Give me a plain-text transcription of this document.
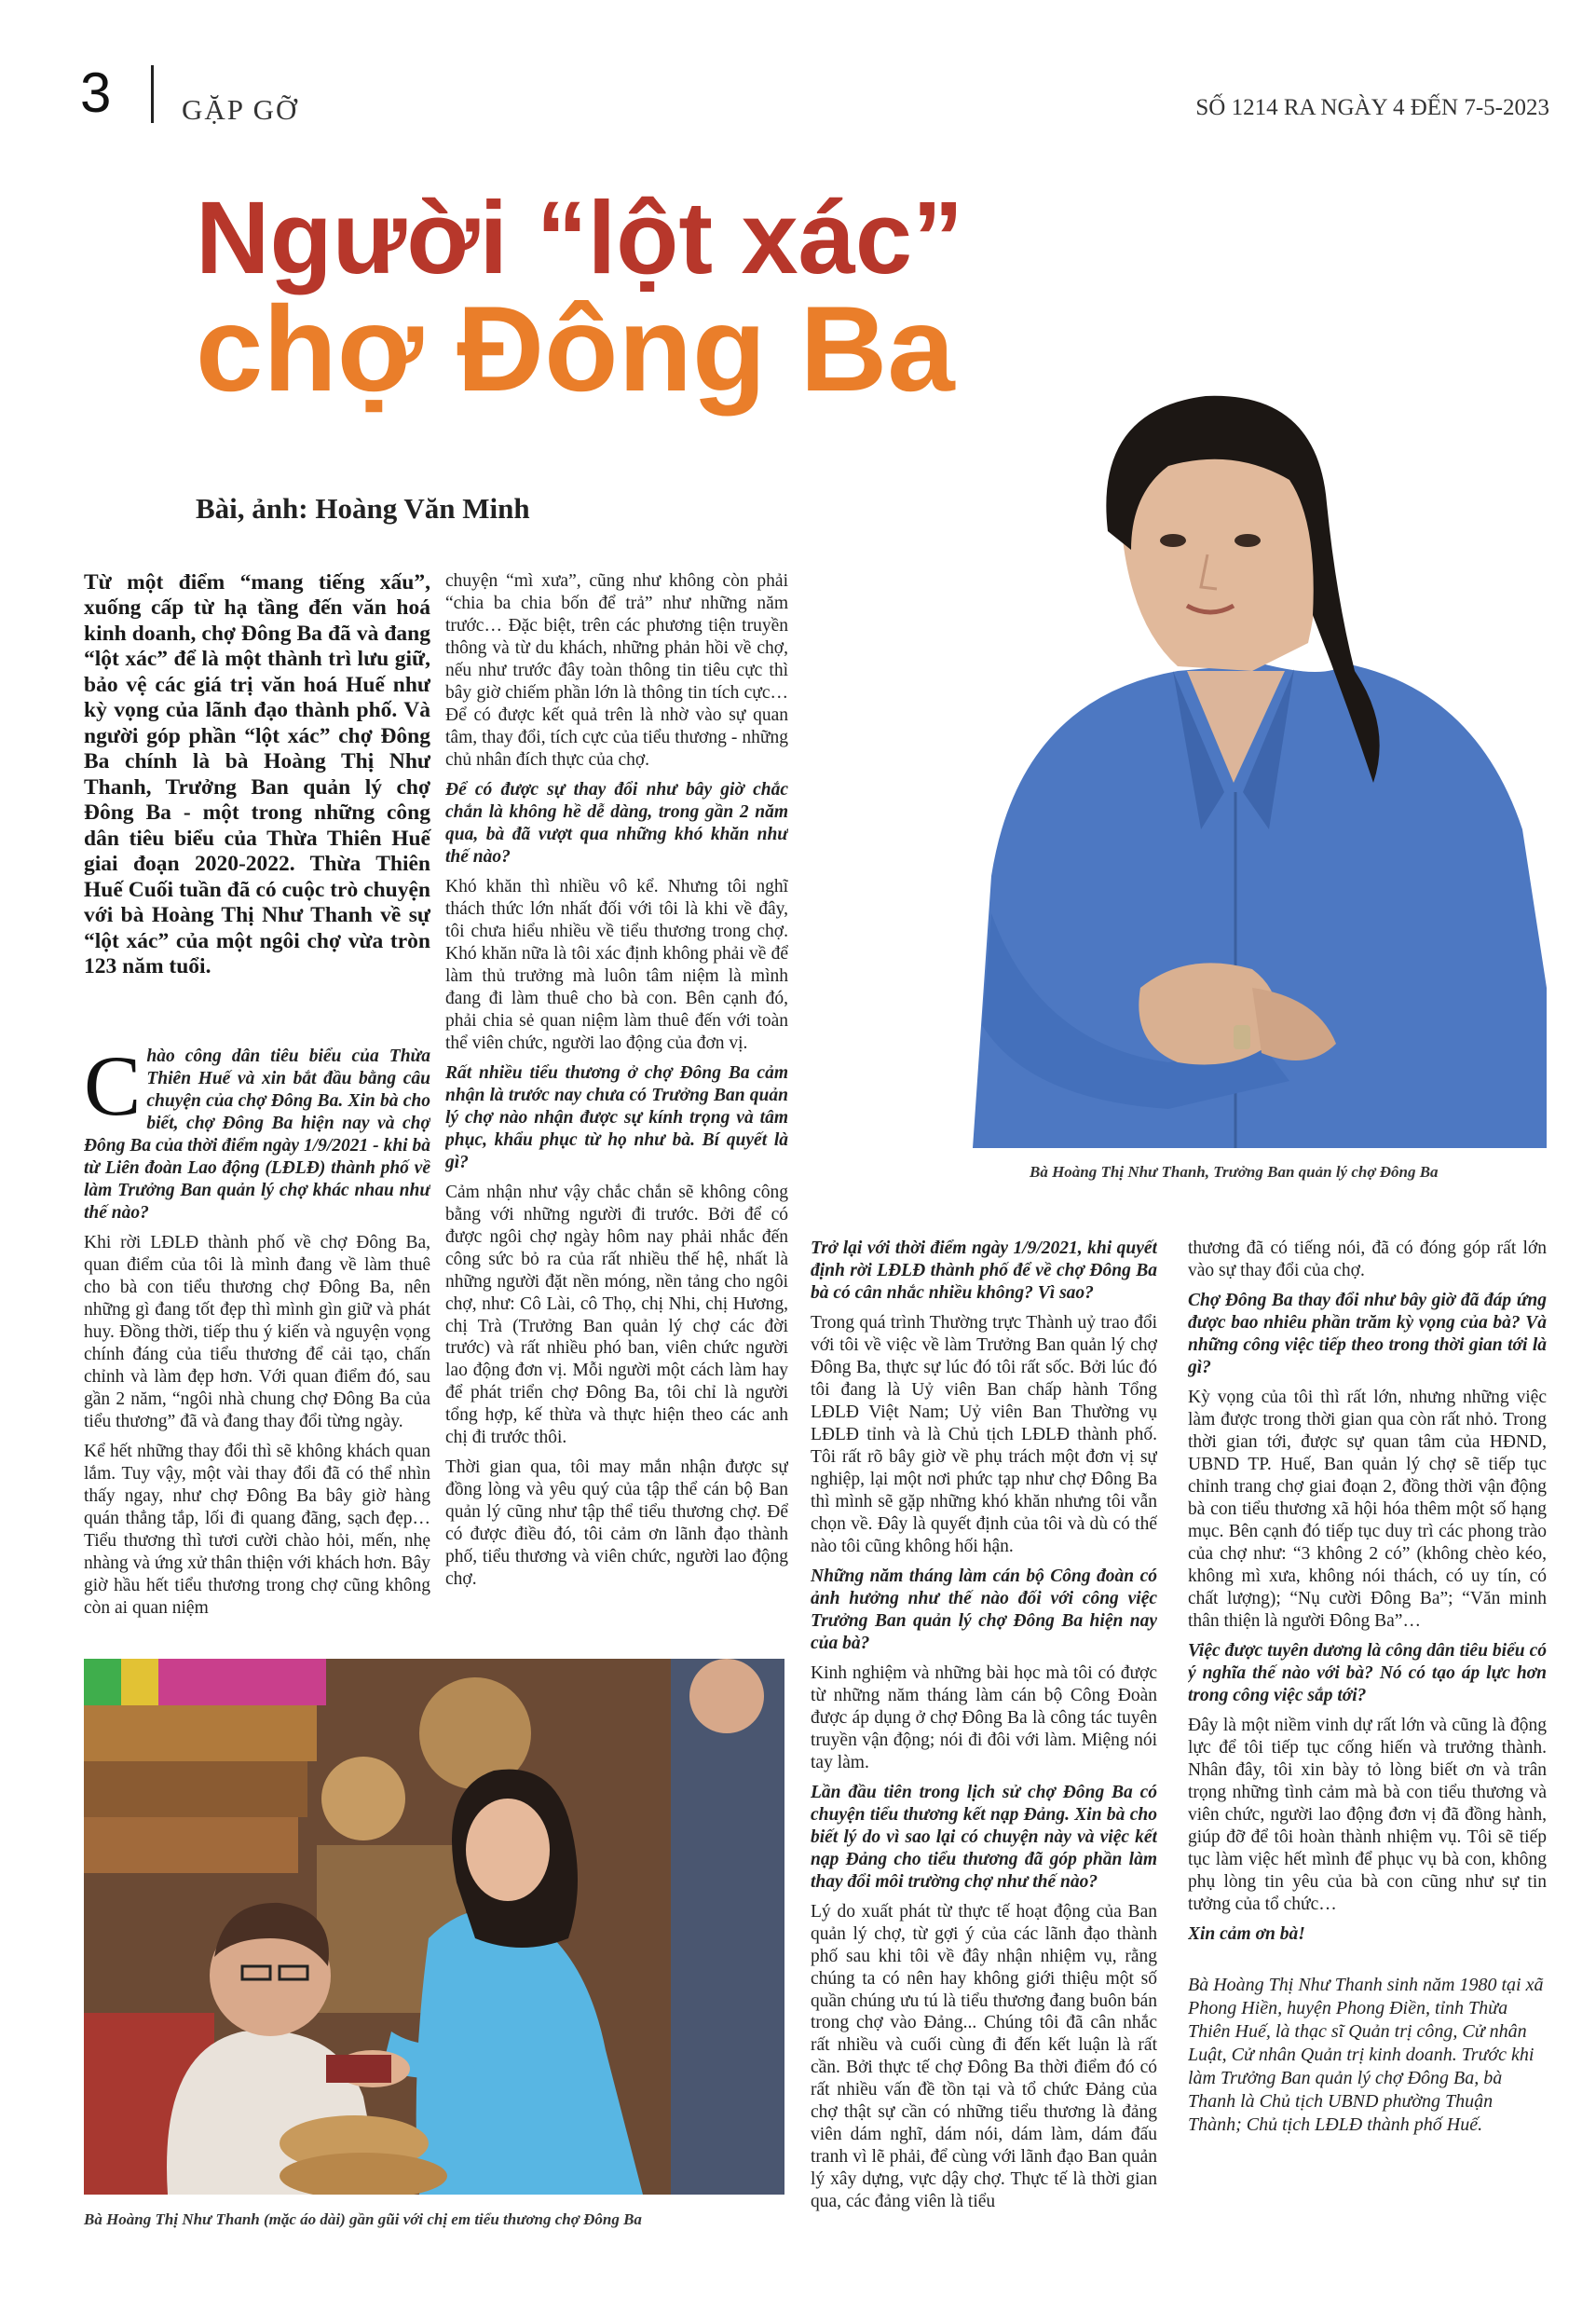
3 GẶP GỠ	SỐ 1214 RA NGÀY 4 ĐẾN 7-5-2023
Người “lột xác”
chợ Đông Ba
Bài, ảnh: Hoàng Văn Minh
Bà Hoàng Thị Như Thanh, Trưởng Ban quản lý chợ Đông Ba
Từ một điểm “mang tiếng xấu”, xuống cấp từ hạ tầng đến văn hoá kinh doanh, chợ Đông Ba đã và đang “lột xác” để là một thành trì lưu giữ, bảo vệ các giá trị văn hoá Huế như kỳ vọng của lãnh đạo thành phố. Và người góp phần “lột xác” chợ Đông Ba chính là bà Hoàng Thị Như Thanh, Trưởng Ban quản lý chợ Đông Ba - một trong những công dân tiêu biểu của Thừa Thiên Huế giai đoạn 2020-2022. Thừa Thiên Huế Cuối tuần đã có cuộc trò chuyện với bà Hoàng Thị Như Thanh về sự “lột xác” của một ngôi chợ vừa tròn 123 năm tuổi.

Chào công dân tiêu biểu của Thừa Thiên Huế và xin bắt đầu bằng câu chuyện của chợ Đông Ba. Xin bà cho biết, chợ Đông Ba hiện nay và chợ Đông Ba của thời điểm ngày 1/9/2021 - khi bà từ Liên đoàn Lao động (LĐLĐ) thành phố về làm Trưởng Ban quản lý chợ khác nhau như thế nào?

Khi rời LĐLĐ thành phố về chợ Đông Ba, quan điểm của tôi là mình đang về làm thuê cho bà con tiểu thương chợ Đông Ba, nên những gì đang tốt đẹp thì mình gìn giữ và phát huy. Đồng thời, tiếp thu ý kiến và nguyện vọng chính đáng của tiểu thương để cải tạo, chấn chỉnh và làm đẹp hơn. Với quan điểm đó, sau gần 2 năm, “ngôi nhà chung chợ Đông Ba của tiểu thương” đã và đang thay đổi từng ngày.

Kể hết những thay đổi thì sẽ không khách quan lắm. Tuy vậy, một vài thay đổi đã có thể nhìn thấy ngay, như chợ Đông Ba bây giờ hàng quán thẳng tắp, lối đi quang đãng, sạch đẹp… Tiểu thương thì tươi cười chào hỏi, mến, nhẹ nhàng và ứng xử thân thiện với khách hơn. Bây giờ hầu hết tiểu thương trong chợ cũng không còn ai quan niệm

chuyện “mì xưa”, cũng như không còn phải “chia ba chia bốn để trả” như những năm trước… Đặc biệt, trên các phương tiện truyền thông và từ du khách, những phản hồi về chợ, nếu như trước đây toàn thông tin tiêu cực thì bây giờ chiếm phần lớn là thông tin tích cực… Để có được kết quả trên là nhờ vào sự quan tâm, thay đổi, tích cực của tiểu thương - những chủ nhân đích thực của chợ.

Để có được sự thay đổi như bây giờ chắc chắn là không hề dễ dàng, trong gần 2 năm qua, bà đã vượt qua những khó khăn như thế nào?

Khó khăn thì nhiều vô kể. Nhưng tôi nghĩ thách thức lớn nhất đối với tôi là khi về đây, tôi chưa hiểu nhiều về tiểu thương trong chợ. Khó khăn nữa là tôi xác định không phải về để làm thủ trưởng mà luôn tâm niệm là mình đang đi làm thuê cho bà con. Bên cạnh đó, phải chia sẻ quan niệm làm thuê đến với toàn thể viên chức, người lao động của đơn vị.

Rất nhiều tiểu thương ở chợ Đông Ba cảm nhận là trước nay chưa có Trưởng Ban quản lý chợ nào nhận được sự kính trọng và tâm phục, khẩu phục từ họ như bà. Bí quyết là gì?

Cảm nhận như vậy chắc chắn sẽ không công bằng với những người đi trước. Bởi để có được ngôi chợ ngày hôm nay phải nhắc đến công sức bỏ ra của rất nhiều thế hệ, nhất là những người đặt nền móng, nền tảng cho ngôi chợ, như: Cô Lài, cô Thọ, chị Nhi, chị Hương, chị Trà (Trưởng Ban quản lý chợ các đời trước) và rất nhiều phó ban, viên chức người lao động đơn vị. Mỗi người một cách làm hay để phát triển chợ Đông Ba, tôi chỉ là người tổng hợp, kế thừa và thực hiện theo các anh chị đi trước thôi.

Thời gian qua, tôi may mắn nhận được sự đồng lòng và yêu quý của tập thể cán bộ Ban quản lý cũng như tập thể tiểu thương chợ. Để có được điều đó, tôi cảm ơn lãnh đạo thành phố, tiểu thương và viên chức, người lao động chợ.

Bà Hoàng Thị Như Thanh (mặc áo dài) gần gũi với chị em tiểu thương chợ Đông Ba

Trở lại với thời điểm ngày 1/9/2021, khi quyết định rời LĐLĐ thành phố để về chợ Đông Ba bà có cân nhắc nhiều không? Vì sao?

Trong quá trình Thường trực Thành uỷ trao đổi với tôi về việc về làm Trưởng Ban quản lý chợ Đông Ba, thực sự lúc đó tôi rất sốc. Bởi lúc đó tôi đang là Uỷ viên Ban chấp hành Tổng LĐLĐ Việt Nam; Uỷ viên Ban Thường vụ LĐLĐ tỉnh và là Chủ tịch LĐLĐ thành phố. Tôi rất rõ bây giờ về phụ trách một đơn vị sự nghiệp, lại một nơi phức tạp như chợ Đông Ba thì mình sẽ gặp những khó khăn nhưng tôi vẫn chọn về. Đây là quyết định của tôi và dù có thế nào tôi cũng không hối hận.

Những năm tháng làm cán bộ Công đoàn có ảnh hưởng như thế nào đối với công việc Trưởng Ban quản lý chợ Đông Ba hiện nay của bà?

Kinh nghiệm và những bài học mà tôi có được từ những năm tháng làm cán bộ Công Đoàn được áp dụng ở chợ Đông Ba là công tác tuyên truyền vận động; nói đi đôi với làm. Miệng nói tay làm.

Lần đầu tiên trong lịch sử chợ Đông Ba có chuyện tiểu thương kết nạp Đảng. Xin bà cho biết lý do vì sao lại có chuyện này và việc kết nạp Đảng cho tiểu thương đã góp phần làm thay đổi môi trường chợ như thế nào?

Lý do xuất phát từ thực tế hoạt động của Ban quản lý chợ, từ gợi ý của các lãnh đạo thành phố sau khi tôi về đây nhận nhiệm vụ, rằng chúng ta có nên hay không giới thiệu một số quần chúng ưu tú là tiểu thương đang buôn bán trong chợ vào Đảng... Chúng tôi đã cân nhắc rất nhiều và cuối cùng đi đến kết luận là rất cần. Bởi thực tế chợ Đông Ba thời điểm đó có rất nhiều vấn đề tồn tại và tổ chức Đảng của chợ thật sự cần có những tiểu thương là đảng viên dám nghĩ, dám nói, dám làm, dám đấu tranh vì lẽ phải, để cùng với lãnh đạo Ban quản lý xây dựng, vực dậy chợ. Thực tế là thời gian qua, các đảng viên là tiểu

thương đã có tiếng nói, đã có đóng góp rất lớn vào sự thay đổi của chợ.

Chợ Đông Ba thay đổi như bây giờ đã đáp ứng được bao nhiêu phần trăm kỳ vọng của bà? Và những công việc tiếp theo trong thời gian tới là gì?

Kỳ vọng của tôi thì rất lớn, nhưng những việc làm được trong thời gian qua còn rất nhỏ. Trong thời gian tới, được sự quan tâm của HĐND, UBND TP. Huế, Ban quản lý chợ sẽ tiếp tục chỉnh trang chợ giai đoạn 2, đồng thời vận động bà con tiểu thương xã hội hóa thêm một số hạng mục. Bên cạnh đó tiếp tục duy trì các phong trào của chợ như: “3 không 2 có” (không chèo kéo, không mì xưa, không nói thách, có uy tín, có chất lượng); “Nụ cười Đông Ba”; “Văn minh thân thiện là người Đông Ba”…

Việc được tuyên dương là công dân tiêu biểu có ý nghĩa thế nào với bà? Nó có tạo áp lực hơn trong công việc sắp tới?

Đây là một niềm vinh dự rất lớn và cũng là động lực để tôi tiếp tục cống hiến và trưởng thành. Nhân đây, tôi xin bày tỏ lòng biết ơn và trân trọng những tình cảm mà bà con tiểu thương và viên chức, người lao động đơn vị đã đồng hành, giúp đỡ để tôi hoàn thành nhiệm vụ. Tôi sẽ tiếp tục làm việc hết mình để phục vụ bà con, không phụ lòng tin yêu của bà con cũng như sự tin tưởng của tổ chức…

Xin cảm ơn bà!

Bà Hoàng Thị Như Thanh sinh năm 1980 tại xã Phong Hiền, huyện Phong Điền, tỉnh Thừa Thiên Huế, là thạc sĩ Quản trị công, Cử nhân Luật, Cử nhân Quản trị kinh doanh. Trước khi làm Trưởng Ban quản lý chợ Đông Ba, bà Thanh là Chủ tịch UBND phường Thuận Thành; Chủ tịch LĐLĐ thành phố Huế.
